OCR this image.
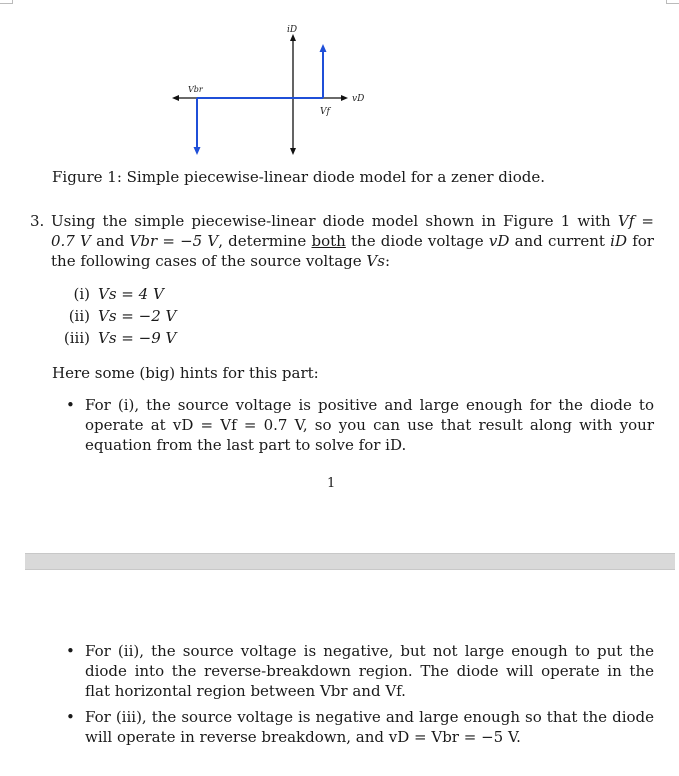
iD
vD
Vbr
Vf
Figure 1: Simple piecewise-linear diode model for a zener diode.
3. Using the simple piecewise-linear diode model shown in Figure 1 with Vf = 0.7 V and Vbr = −5 V, determine both the diode voltage vD and current iD for the following cases of the source voltage Vs:
(i) Vs = 4 V
(ii) Vs = −2 V
(iii) Vs = −9 V
Here some (big) hints for this part:
• For (i), the source voltage is positive and large enough for the diode to operate at vD = Vf = 0.7 V, so you can use that result along with your equation from the last part to solve for iD.
1
• For (ii), the source voltage is negative, but not large enough to put the diode into the reverse-breakdown region. The diode will operate in the flat horizontal region between Vbr and Vf.
• For (iii), the source voltage is negative and large enough so that the diode will operate in reverse breakdown, and vD = Vbr = −5 V.
